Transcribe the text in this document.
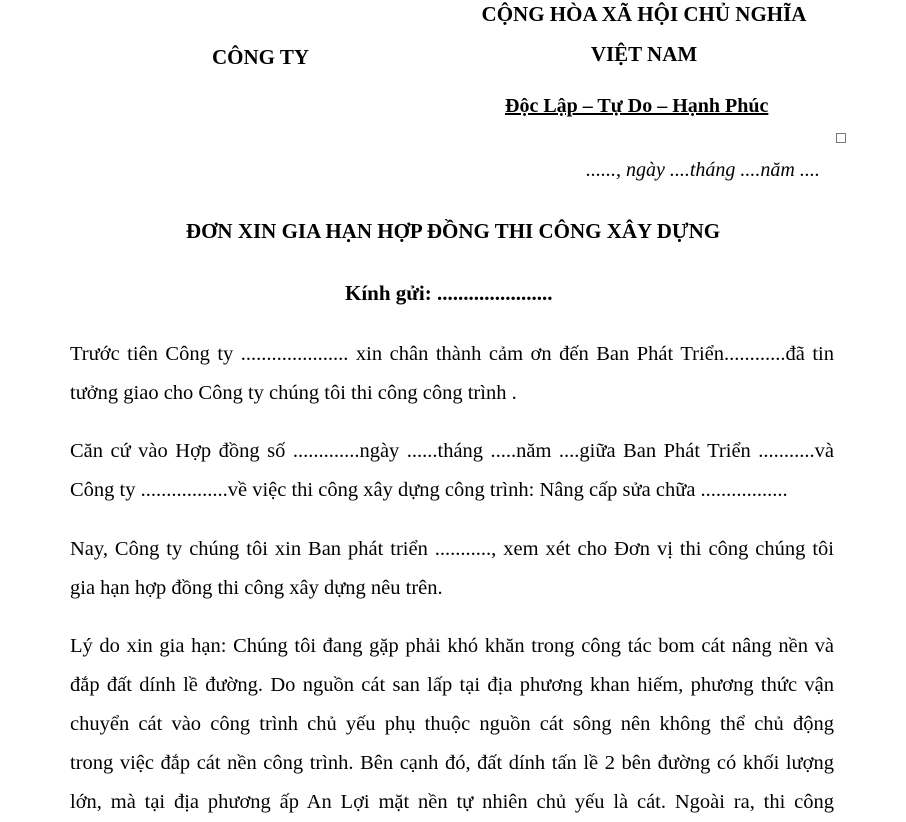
CÔNG TY
CỘNG HÒA XÃ HỘI CHỦ NGHĨA
VIỆT NAM
Độc Lập – Tự Do – Hạnh Phúc
......, ngày ....tháng ....năm ....
ĐƠN XIN GIA HẠN HỢP ĐỒNG THI CÔNG XÂY DỰNG
Kính gửi: ......................
Trước tiên Công ty ..................... xin chân thành cảm ơn đến Ban Phát Triển............đã tin
tưởng giao cho Công ty chúng tôi thi công công trình .
Căn cứ vào Hợp đồng số .............ngày ......tháng .....năm ....giữa Ban Phát Triển ...........và
Công ty .................về việc thi công xây dựng công trình: Nâng cấp sửa chữa .................
Nay, Công ty chúng tôi xin Ban phát triển ..........., xem xét cho Đơn vị thi công chúng tôi
gia hạn hợp đồng thi công xây dựng nêu trên.
Lý do xin gia hạn: Chúng tôi đang gặp phải khó khăn trong công tác bom cát nâng nền và
đắp đất dính lề đường. Do nguồn cát san lấp tại địa phương khan hiếm, phương thức vận
chuyển cát vào công trình chủ yếu phụ thuộc nguồn cát sông nên không thể chủ động
trong việc đắp cát nền công trình. Bên cạnh đó, đất dính tấn lề 2 bên đường có khối lượng
lớn, mà tại địa phương ấp An Lợi mặt nền tự nhiên chủ yếu là cát. Ngoài ra, thi công
